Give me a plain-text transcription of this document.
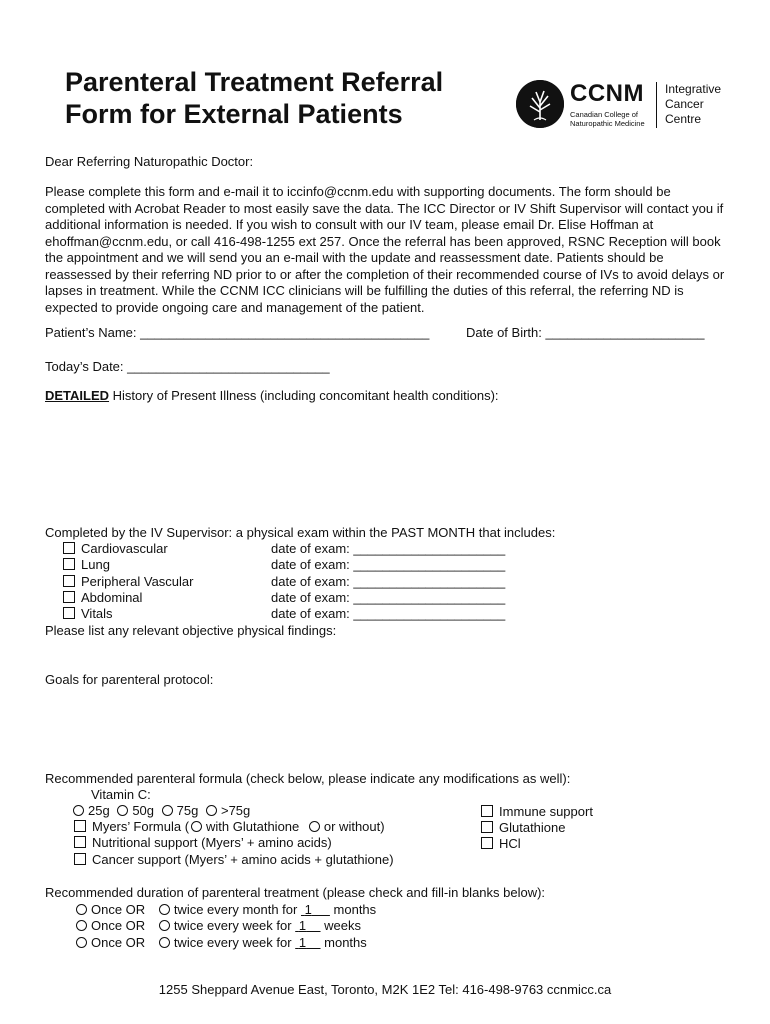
Parenteral Treatment Referral
Form for External Patients
CCNM
Canadian College of
Naturopathic Medicine
Integrative
Cancer
Centre
Dear Referring Naturopathic Doctor:
Please complete this form and e-mail it to iccinfo@ccnm.edu with supporting documents. The form should be completed with Acrobat Reader to most easily save the data. The ICC Director or IV Shift Supervisor will contact you if additional information is needed. If you wish to consult with our IV team, please email Dr. Elise Hoffman at ehoffman@ccnm.edu, or call 416-498-1255 ext 257. Once the referral has been approved, RSNC Reception will book the appointment and we will send you an e-mail with the update and reassessment date. Patients should be reassessed by their referring ND prior to or after the completion of their recommended course of IVs to avoid delays or lapses in treatment. While the CCNM ICC clinicians will be fulfilling the duties of this referral, the referring ND is expected to provide ongoing care and management of the patient.
Patient’s Name: ________________________________________	Date of Birth: ______________________
Today’s Date: ____________________________
DETAILED History of Present Illness (including concomitant health conditions):
Completed by the IV Supervisor: a physical exam within the PAST MONTH that includes:
Cardiovascular	date of exam: _____________________
Lung	date of exam: _____________________
Peripheral Vascular	date of exam: _____________________
Abdominal	date of exam: _____________________
Vitals	date of exam: _____________________
Please list any relevant objective physical findings:
Goals for parenteral protocol:
Recommended parenteral formula (check below, please indicate any modifications as well):
Vitamin C:
25g 50g 75g >75g
Myers’ Formula ( with Glutathione or without)
Nutritional support (Myers’ + amino acids)
Cancer support (Myers’ + amino acids + glutathione)
Immune support
Glutathione
HCl
Recommended duration of parenteral treatment (please check and fill-in blanks below):
Once OR twice every month for 1 months
Once OR twice every week for 1 weeks
Once OR twice every week for 1 months
1255 Sheppard Avenue East, Toronto, M2K 1E2 Tel: 416-498-9763 ccnmicc.ca
